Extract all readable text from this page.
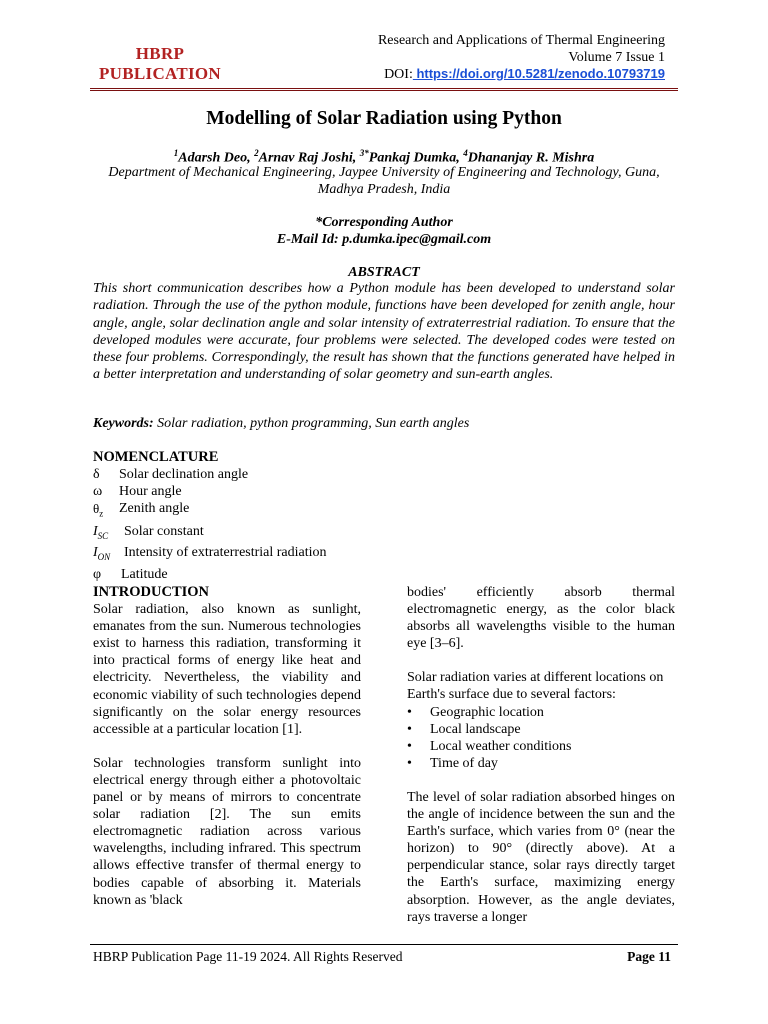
HBRP
PUBLICATION
Research and Applications of Thermal Engineering
Volume 7 Issue 1
DOI: https://doi.org/10.5281/zenodo.10793719
Modelling of Solar Radiation using Python
$^1$Adarsh Deo, $^2$Arnav Raj Joshi, $^{3*}$Pankaj Dumka, $^4$Dhananjay R. Mishra
Department of Mechanical Engineering, Jaypee University of Engineering and Technology, Guna, Madhya Pradesh, India
*Corresponding Author
E-Mail Id: p.dumka.ipec@gmail.com
ABSTRACT
This short communication describes how a Python module has been developed to understand solar radiation. Through the use of the python module, functions have been developed for zenith angle, hour angle, angle, solar declination angle and solar intensity of extraterrestrial radiation. To ensure that the developed modules were accurate, four problems were selected. The developed codes were tested on these four problems. Correspondingly, the result has shown that the functions generated have helped in a better interpretation and understanding of solar geometry and sun-earth angles.
Keywords: Solar radiation, python programming, Sun earth angles
NOMENCLATURE
δ	Solar declination angle
ω	Hour angle
$\theta_z$	Zenith angle
$I_{SC}$	Solar constant
$I_{ON}$ Intensity of extraterrestrial radiation
φ	Latitude
INTRODUCTION

Solar radiation, also known as sunlight, emanates from the sun. Numerous technologies exist to harness this radiation, transforming it into practical forms of energy like heat and electricity. Nevertheless, the viability and economic viability of such technologies depend significantly on the solar energy resources accessible at a particular location [1].

Solar technologies transform sunlight into electrical energy through either a photovoltaic panel or by means of mirrors to concentrate solar radiation [2]. The sun emits electromagnetic radiation across various wavelengths, including infrared. This spectrum allows effective transfer of thermal energy to bodies capable of absorbing it. Materials known as 'black

bodies' efficiently absorb thermal electromagnetic energy, as the color black absorbs all wavelengths visible to the human eye [3–6].

Solar radiation varies at different locations on Earth's surface due to several factors:

•	Geographic location
•	Local landscape
•	Local weather conditions
•	Time of day

The level of solar radiation absorbed hinges on the angle of incidence between the sun and the Earth's surface, which varies from 0° (near the horizon) to 90° (directly above). At a perpendicular stance, solar rays directly target the Earth's surface, maximizing energy absorption. However, as the angle deviates, rays traverse a longer

HBRP Publication Page 11-19 2024. All Rights Reserved	Page 11
